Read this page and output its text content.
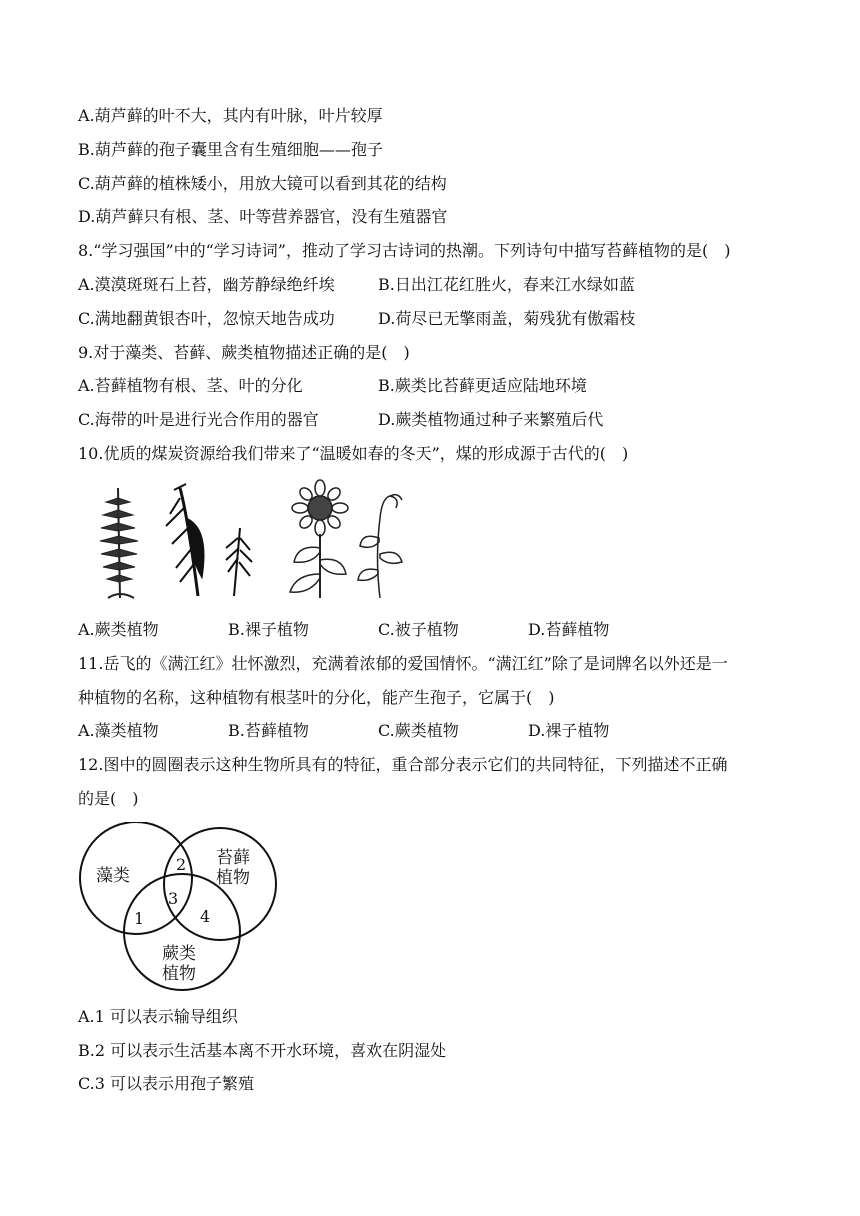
A.葫芦藓的叶不大，其内有叶脉，叶片较厚
B.葫芦藓的孢子囊里含有生殖细胞——孢子
C.葫芦藓的植株矮小，用放大镜可以看到其花的结构
D.葫芦藓只有根、茎、叶等营养器官，没有生殖器官
8.“学习强国”中的“学习诗词”，推动了学习古诗词的热潮。下列诗句中描写苔藓植物的是(　)
A.漠漠斑斑石上苔，幽芳静绿绝纤埃	B.日出江花红胜火，春来江水绿如蓝
C.满地翻黄银杏叶，忽惊天地告成功	D.荷尽已无擎雨盖，菊残犹有傲霜枝
9.对于藻类、苔藓、蕨类植物描述正确的是(　)
A.苔藓植物有根、茎、叶的分化	B.蕨类比苔藓更适应陆地环境
C.海带的叶是进行光合作用的器官	D.蕨类植物通过种子来繁殖后代
10.优质的煤炭资源给我们带来了“温暖如春的冬天”，煤的形成源于古代的(　)
A.蕨类植物	B.裸子植物	C.被子植物	D.苔藓植物
11.岳飞的《满江红》壮怀激烈，充满着浓郁的爱国情怀。“满江红”除了是词牌名以外还是一
种植物的名称，这种植物有根茎叶的分化，能产生孢子，它属于(　)
A.藻类植物	B.苔藓植物	C.蕨类植物	D.裸子植物
12.图中的圆圈表示这种生物所具有的特征，重合部分表示它们的共同特征，下列描述不正确
的是(　)
藻类
苔藓
植物
蕨类
植物
1
2
3
4
A.1 可以表示输导组织
B.2 可以表示生活基本离不开水环境，喜欢在阴湿处
C.3 可以表示用孢子繁殖
